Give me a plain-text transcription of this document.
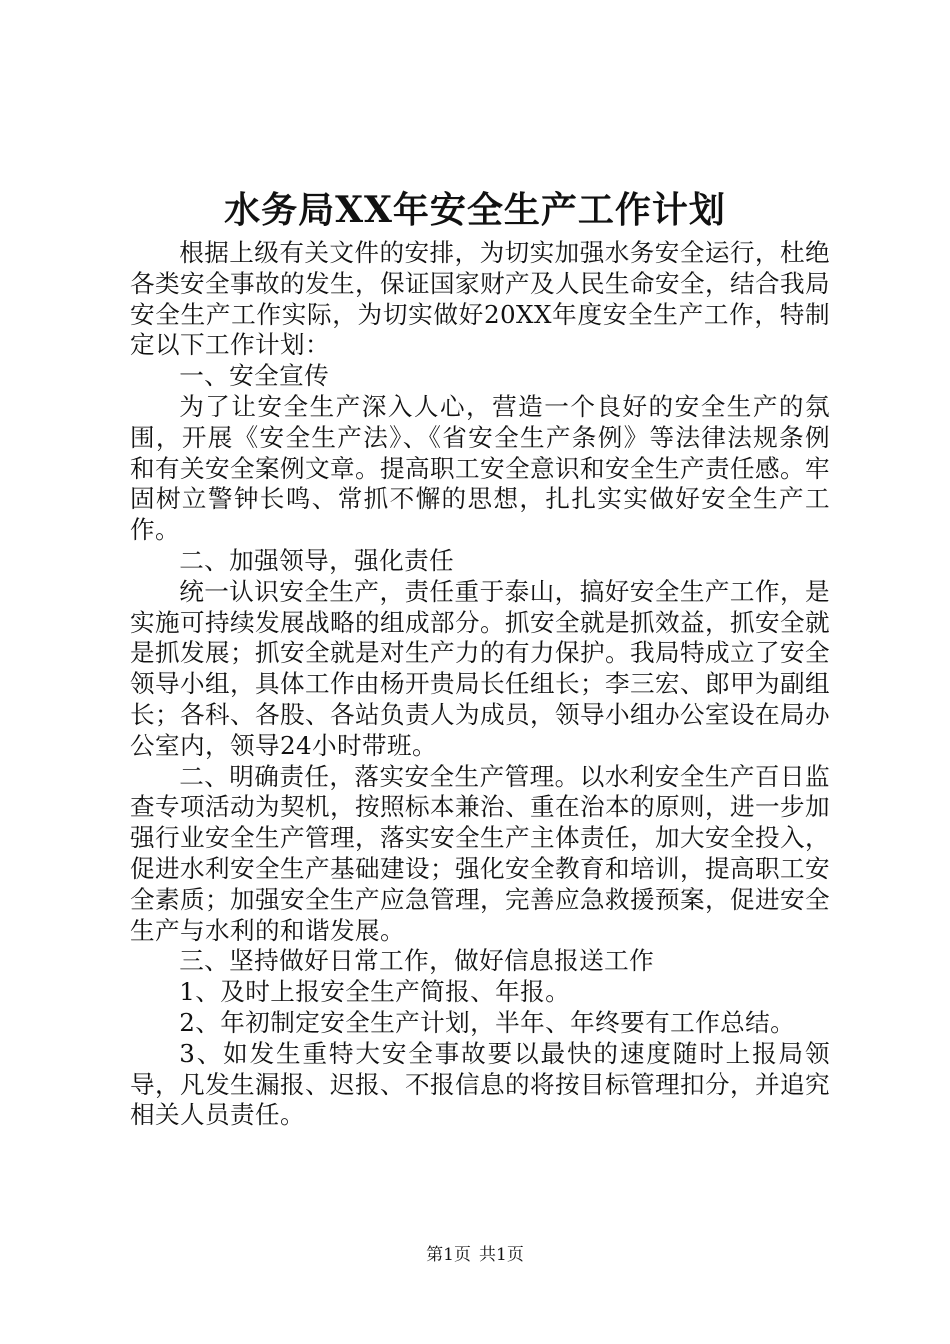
水务局XX年安全生产工作计划

根据上级有关文件的安排，为切实加强水务安全运行，杜绝各类安全事故的发生，保证国家财产及人民生命安全，结合我局安全生产工作实际，为切实做好20XX年度安全生产工作，特制定以下工作计划：

一、安全宣传

为了让安全生产深入人心，营造一个良好的安全生产的氛围，开展《安全生产法》、《省安全生产条例》等法律法规条例和有关安全案例文章。提高职工安全意识和安全生产责任感。牢固树立警钟长鸣、常抓不懈的思想，扎扎实实做好安全生产工作。

二、加强领导，强化责任

统一认识安全生产，责任重于泰山，搞好安全生产工作，是实施可持续发展战略的组成部分。抓安全就是抓效益，抓安全就是抓发展；抓安全就是对生产力的有力保护。我局特成立了安全领导小组，具体工作由杨开贵局长任组长；李三宏、郎甲为副组长；各科、各股、各站负责人为成员，领导小组办公室设在局办公室内，领导24小时带班。

二、明确责任，落实安全生产管理。以水利安全生产百日监查专项活动为契机，按照标本兼治、重在治本的原则，进一步加强行业安全生产管理，落实安全生产主体责任，加大安全投入，促进水利安全生产基础建设；强化安全教育和培训，提高职工安全素质；加强安全生产应急管理，完善应急救援预案，促进安全生产与水利的和谐发展。

三、坚持做好日常工作，做好信息报送工作

1、及时上报安全生产简报、年报。

2、年初制定安全生产计划，半年、年终要有工作总结。

3、如发生重特大安全事故要以最快的速度随时上报局领导，凡发生漏报、迟报、不报信息的将按目标管理扣分，并追究相关人员责任。

第1页 共1页
